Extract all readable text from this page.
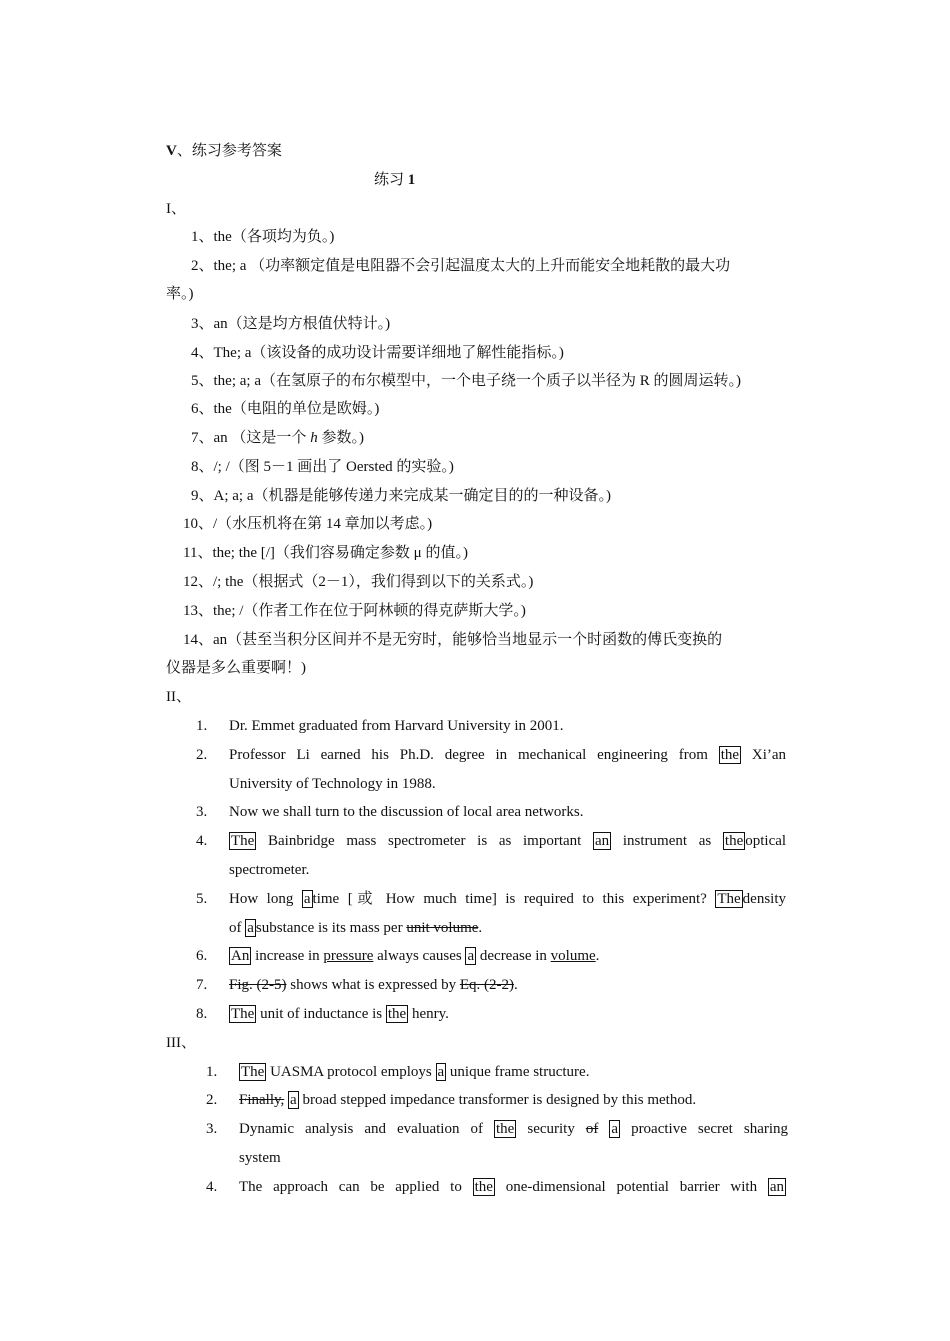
V、练习参考答案
练习 1
I、
1、the（各项均为负。)
2、the; a （功率额定值是电阻器不会引起温度太大的上升而能安全地耗散的最大功
率。)
3、an（这是均方根值伏特计。)
4、The; a（该设备的成功设计需要详细地了解性能指标。)
5、the; a; a（在氢原子的布尔模型中，一个电子绕一个质子以半径为 R 的圆周运转。)
6、the（电阻的单位是欧姆。)
7、an （这是一个 h 参数。)
8、/; /（图 5－1 画出了 Oersted 的实验。)
9、A; a; a（机器是能够传递力来完成某一确定目的的一种设备。)
10、/（水压机将在第 14 章加以考虑。)
11、the; the [/]（我们容易确定参数 μ 的值。)
12、/; the（根据式（2－1），我们得到以下的关系式。)
13、the; /（作者工作在位于阿林顿的得克萨斯大学。)
14、an（甚至当积分区间并不是无穷时，能够恰当地显示一个时函数的傅氏变换的
仪器是多么重要啊！)
II、
1. Dr. Emmet graduated from Harvard University in 2001.
2. Professor Li earned his Ph.D. degree in mechanical engineering from the Xi’an
University of Technology in 1988.
3. Now we shall turn to the discussion of local area networks.
4. The Bainbridge mass spectrometer is as important an instrument as the optical
spectrometer.
5. How long a time [或 How much time] is required to this experiment? The density
of a substance is its mass per unit volume.
6. An increase in pressure always causes a decrease in volume.
7. Fig. (2-5) shows what is expressed by Eq. (2-2).
8. The unit of inductance is the henry.
III、
1. The UASMA protocol employs a unique frame structure.
2. Finally, a broad stepped impedance transformer is designed by this method.
3. Dynamic analysis and evaluation of the security of a proactive secret sharing
system
4. The approach can be applied to the one-dimensional potential barrier with an
